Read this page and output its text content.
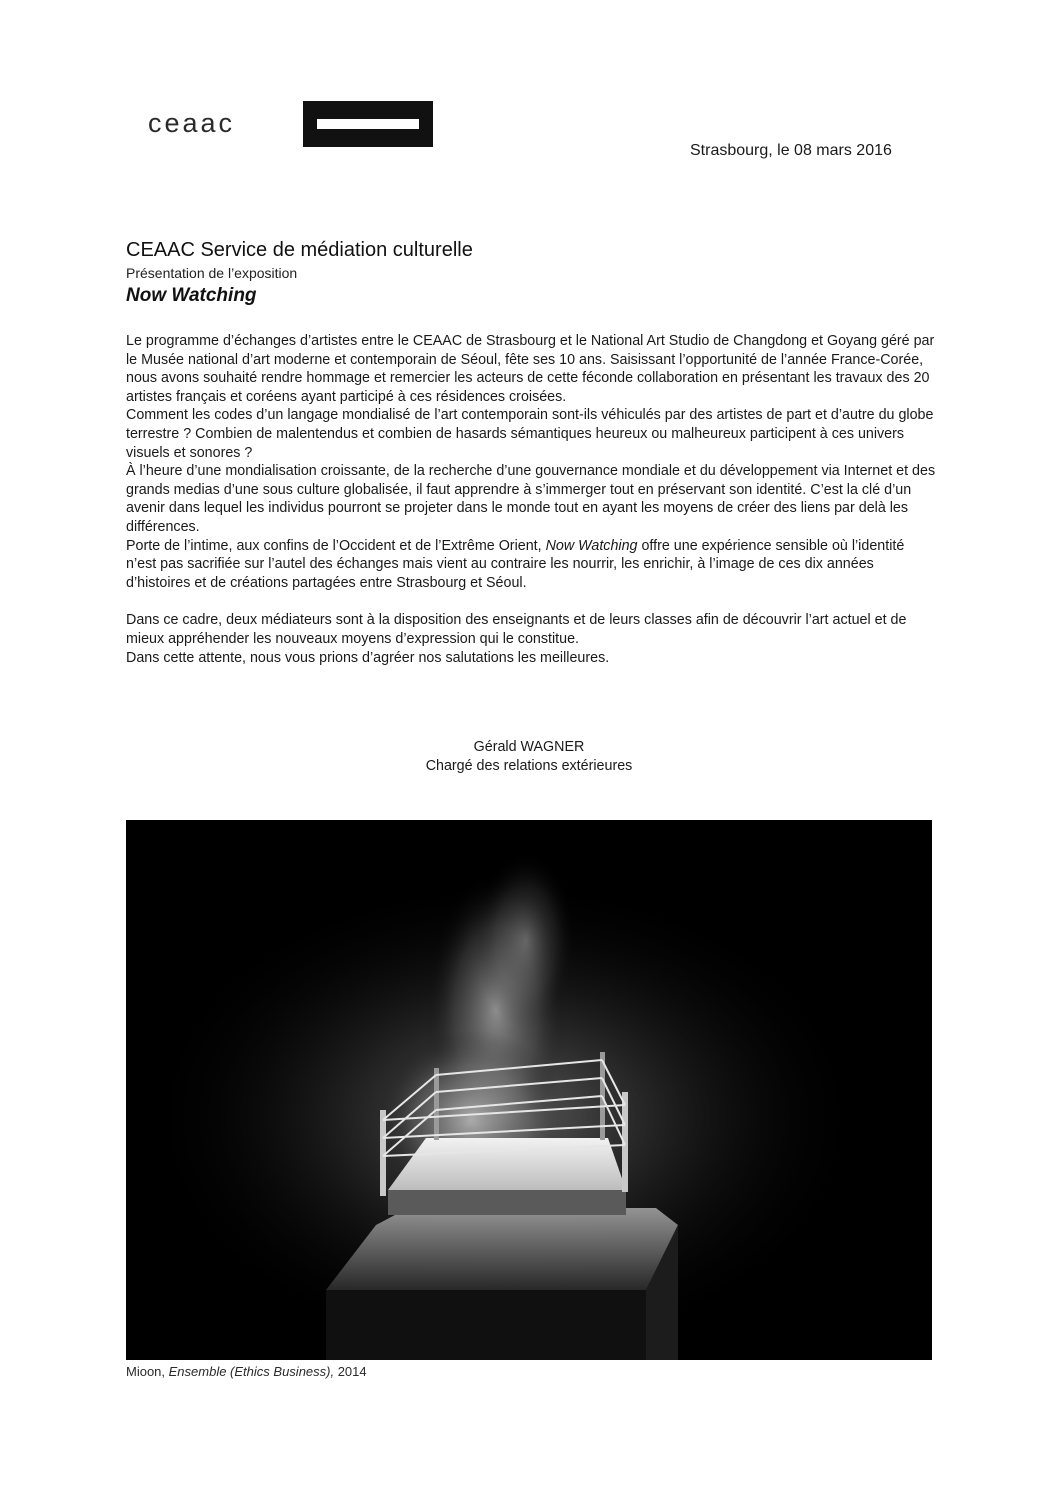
ceaac
Strasbourg, le 08 mars 2016
CEAAC Service de médiation culturelle
Présentation de l’exposition
Now Watching

Le programme d’échanges d’artistes entre le CEAAC de Strasbourg et le National Art Studio de Changdong et Goyang géré par le Musée national d’art moderne et contemporain de Séoul, fête ses 10 ans. Saisissant l’opportunité de l’année France-Corée, nous avons souhaité rendre hommage et remercier les acteurs de cette féconde collaboration en présentant les travaux des 20 artistes français et coréens ayant participé à ces résidences croisées.

Comment les codes d’un langage mondialisé de l’art contemporain sont-ils véhiculés par des artistes de part et d’autre du globe terrestre ? Combien de malentendus et combien de hasards sémantiques heureux ou malheureux participent à ces univers visuels et sonores ?

À l’heure d’une mondialisation croissante, de la recherche d’une gouvernance mondiale et du développement via Internet et des grands medias d’une sous culture globalisée, il faut apprendre à s’immerger tout en préservant son identité. C’est la clé d’un avenir dans lequel les individus pourront se projeter dans le monde tout en ayant les moyens de créer des liens par delà les différences.

Porte de l’intime, aux confins de l’Occident et de l’Extrême Orient, Now Watching offre une expérience sensible où l’identité n’est pas sacrifiée sur l’autel des échanges mais vient au contraire les nourrir, les enrichir, à l’image de ces dix années d’histoires et de créations partagées entre Strasbourg et Séoul.

Dans ce cadre, deux médiateurs sont à la disposition des enseignants et de leurs classes afin de découvrir l’art actuel et de mieux appréhender les nouveaux moyens d’expression qui le constitue.

Dans cette attente, nous vous prions d’agréer nos salutations les meilleures.

Gérald WAGNER
Chargé des relations extérieures
Mioon, Ensemble (Ethics Business), 2014
